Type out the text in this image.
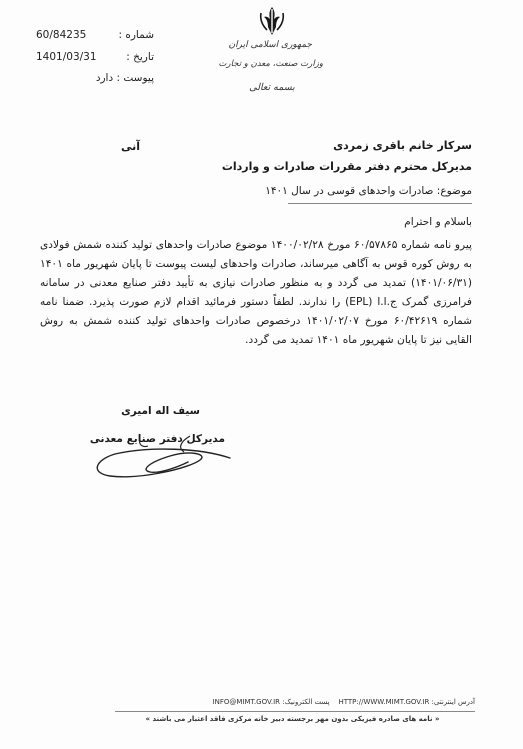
60/84235	شماره :
1401/03/31	تاریخ :
پیوست : دارد
جمهوری اسلامی ایران
وزارت صنعت، معدن و تجارت
بسمه تعالی
آنی	سرکار خانم باقری زمردی
مدیرکل محترم دفتر مقررات صادرات و واردات
موضوع: صادرات واحدهای قوسی در سال ۱۴۰۱
باسلام و احترام
پیرو نامه شماره ۶۰/۵۷۸۶۵ مورخ ۱۴۰۰/۰۲/۲۸ موضوع صادرات واحدهای تولید کننده شمش فولادی به روش کوره قوس به آگاهی میرساند، صادرات واحدهای لیست پیوست تا پایان شهریور ماه ۱۴۰۱ (۱۴۰۱/۰۶/۳۱) تمدید می گردد و به منظور صادرات نیازی به تأیید دفتر صنایع معدنی در سامانه فرامرزی گمرک ج.ا.ا (EPL) را ندارند. لطفاً دستور فرمائید اقدام لازم صورت پذیرد. ضمنا نامه شماره ۶۰/۴۲۶۱۹ مورخ ۱۴۰۱/۰۲/۰۷ درخصوص صادرات واحدهای تولید کننده شمش به روش القایی نیز تا پایان شهریور ماه ۱۴۰۱ تمدید می گردد.
سیف اله امیری
مدیرکل دفتر صنایع معدنی
آدرس اینترنتی: HTTP://WWW.MIMT.GOV.IR    پست الکترونیک: INFO@MIMT.GOV.IR
« نامه های صادره فیزیکی بدون مهر برجسته دبیر خانه مرکزی فاقد اعتبار می باشند »
